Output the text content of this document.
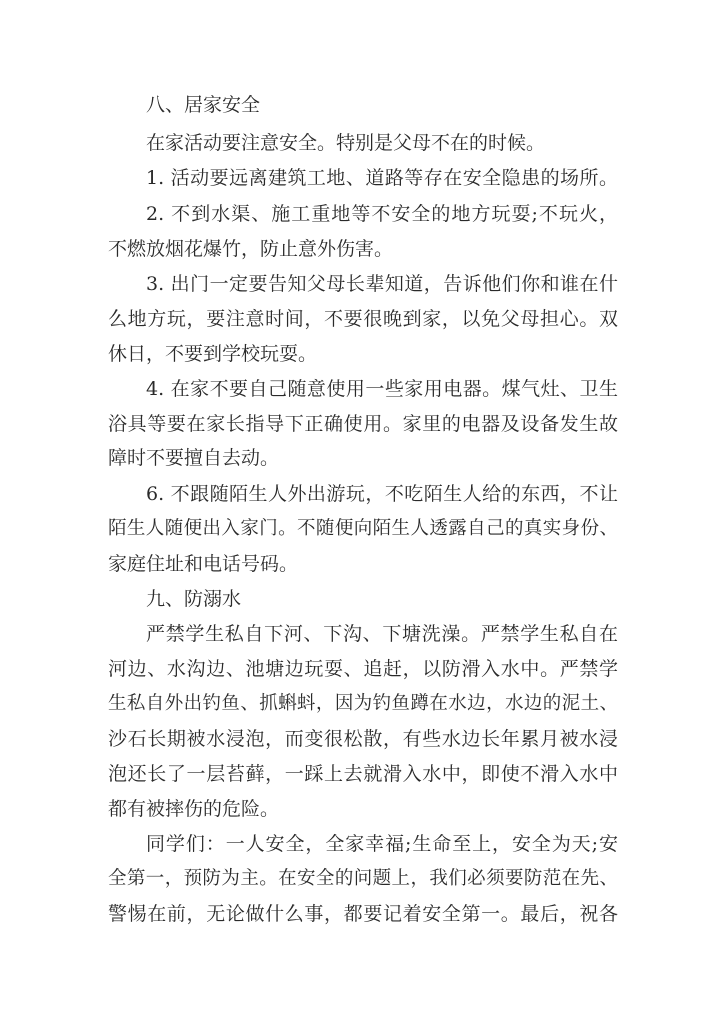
八、居家安全
在家活动要注意安全。特别是父母不在的时候。
1. 活动要远离建筑工地、道路等存在安全隐患的场所。
2. 不到水渠、施工重地等不安全的地方玩耍;不玩火，
不燃放烟花爆竹，防止意外伤害。
3. 出门一定要告知父母长辈知道，告诉他们你和谁在什
么地方玩，要注意时间，不要很晚到家，以免父母担心。双
休日，不要到学校玩耍。
4. 在家不要自己随意使用一些家用电器。煤气灶、卫生
浴具等要在家长指导下正确使用。家里的电器及设备发生故
障时不要擅自去动。
6. 不跟随陌生人外出游玩，不吃陌生人给的东西，不让
陌生人随便出入家门。不随便向陌生人透露自己的真实身份、
家庭住址和电话号码。
九、防溺水
严禁学生私自下河、下沟、下塘洗澡。严禁学生私自在
河边、水沟边、池塘边玩耍、追赶，以防滑入水中。严禁学
生私自外出钓鱼、抓蝌蚪，因为钓鱼蹲在水边，水边的泥土、
沙石长期被水浸泡，而变很松散，有些水边长年累月被水浸
泡还长了一层苔藓，一踩上去就滑入水中，即使不滑入水中
都有被摔伤的危险。
同学们：一人安全，全家幸福;生命至上，安全为天;安
全第一，预防为主。在安全的问题上，我们必须要防范在先、
警惕在前，无论做什么事，都要记着安全第一。最后，祝各
